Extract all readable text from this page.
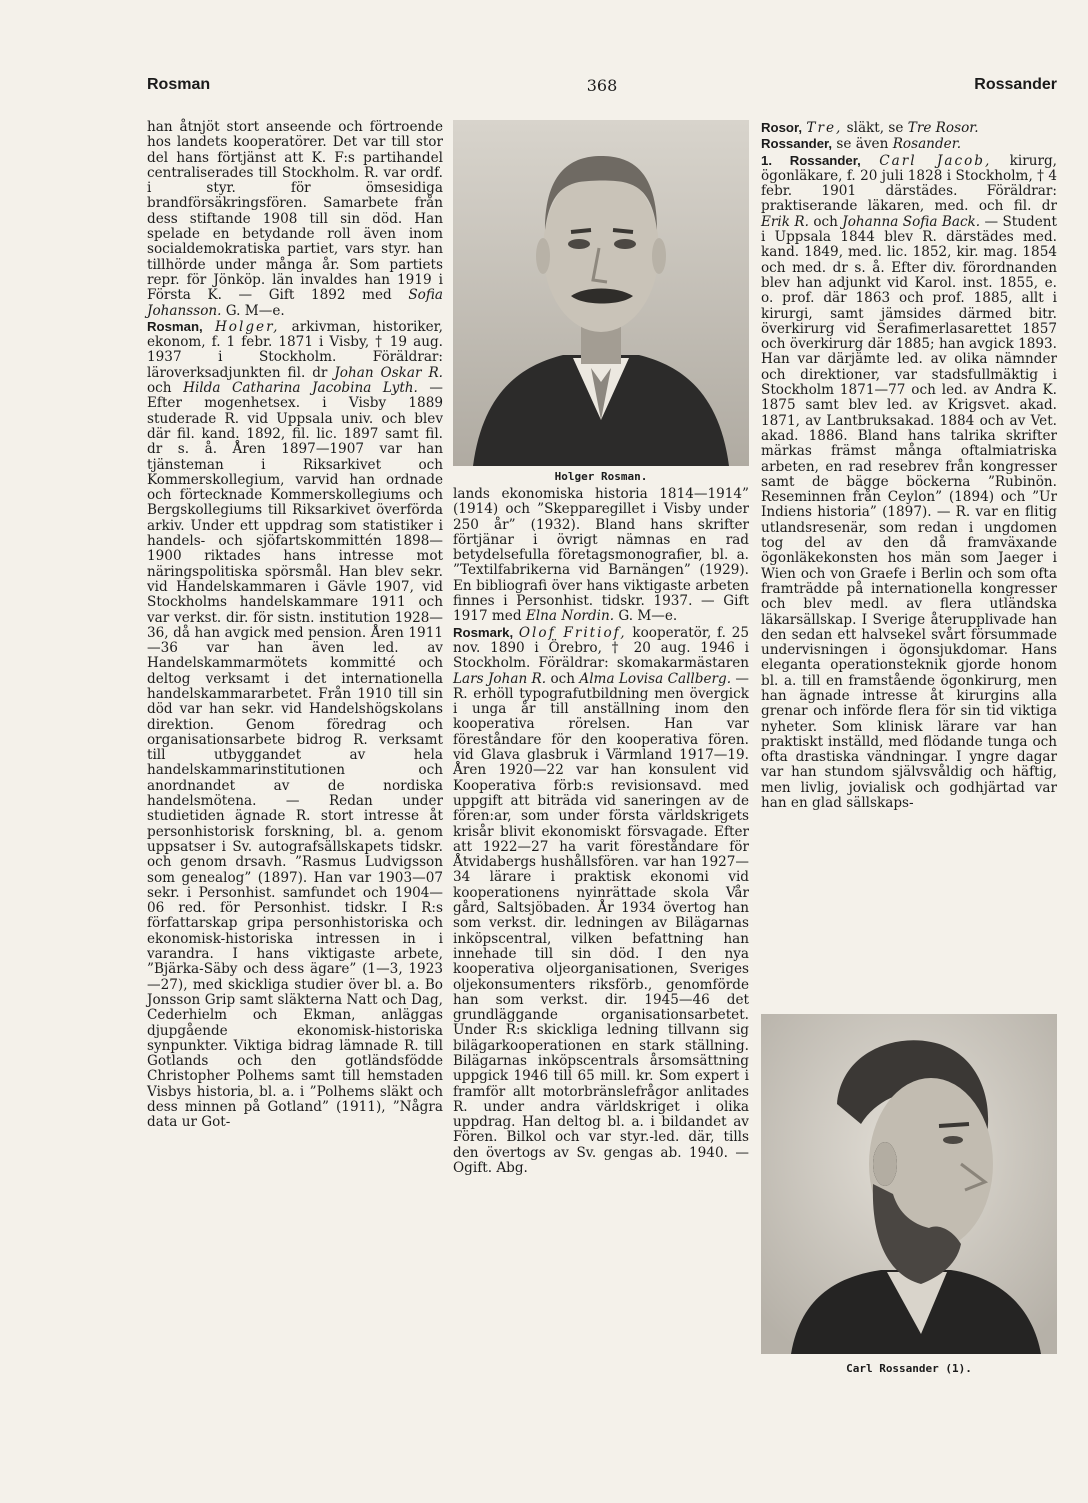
Rosman	368	Rossander

han åtnjöt stort anseende och förtroende hos landets kooperatörer. Det var till stor del hans förtjänst att K. F:s partihandel centraliserades till Stockholm. R. var ordf. i styr. för ömsesidiga brandförsäkringsfören. Samarbete från dess stiftande 1908 till sin död. Han spelade en betydande roll även inom socialdemokratiska partiet, vars styr. han tillhörde under många år. Som partiets repr. för Jönköp. län invaldes han 1919 i Första K. — Gift 1892 med Sofia Johansson. G. M—e.

Rosman, Holger, arkivman, historiker, ekonom, f. 1 febr. 1871 i Visby, † 19 aug. 1937 i Stockholm. Föräldrar: läroverksadjunkten fil. dr Johan Oskar R. och Hilda Catharina Jacobina Lyth. — Efter mogenhetsex. i Visby 1889 studerade R. vid Uppsala univ. och blev där fil. kand. 1892, fil. lic. 1897 samt fil. dr s. å. Åren 1897—1907 var han tjänsteman i Riksarkivet och Kommerskollegium, varvid han ordnade och förtecknade Kommerskollegiums och Bergskollegiums till Riksarkivet överförda arkiv. Under ett uppdrag som statistiker i handels- och sjöfartskommittén 1898—1900 riktades hans intresse mot näringspolitiska spörsmål. Han blev sekr. vid Handelskammaren i Gävle 1907, vid Stockholms handelskammare 1911 och var verkst. dir. för sistn. institution 1928—36, då han avgick med pension. Åren 1911—36 var han även led. av Handelskammarmötets kommitté och deltog verksamt i det internationella handelskammararbetet. Från 1910 till sin död var han sekr. vid Handelshögskolans direktion. Genom föredrag och organisationsarbete bidrog R. verksamt till utbyggandet av hela handelskammarinstitutionen och anordnandet av de nordiska handelsmötena. — Redan under studietiden ägnade R. stort intresse åt personhistorisk forskning, bl. a. genom uppsatser i Sv. autografsällskapets tidskr. och genom drsavh. ”Rasmus Ludvigsson som genealog” (1897). Han var 1903—07 sekr. i Personhist. samfundet och 1904—06 red. för Personhist. tidskr. I R:s författarskap gripa personhistoriska och ekonomisk-historiska intressen in i varandra. I hans viktigaste arbete, ”Bjärka-Säby och dess ägare” (1—3, 1923—27), med skickliga studier över bl. a. Bo Jonsson Grip samt släkterna Natt och Dag, Cederhielm och Ekman, anläggas djupgående ekonomisk-historiska synpunkter. Viktiga bidrag lämnade R. till Gotlands och den gotländsfödde Christopher Polhems samt till hemstaden Visbys historia, bl. a. i ”Polhems släkt och dess minnen på Gotland” (1911), ”Några data ur Got-

Holger Rosman.

lands ekonomiska historia 1814—1914” (1914) och ”Skepparegillet i Visby under 250 år” (1932). Bland hans skrifter förtjänar i övrigt nämnas en rad betydelsefulla företagsmonografier, bl. a. ”Textilfabrikerna vid Barnängen” (1929). En bibliografi över hans viktigaste arbeten finnes i Personhist. tidskr. 1937. — Gift 1917 med Elna Nordin. G. M—e.

Rosmark, Olof Fritiof, kooperatör, f. 25 nov. 1890 i Örebro, † 20 aug. 1946 i Stockholm. Föräldrar: skomakarmästaren Lars Johan R. och Alma Lovisa Callberg. — R. erhöll typografutbildning men övergick i unga år till anställning inom den kooperativa rörelsen. Han var föreståndare för den kooperativa fören. vid Glava glasbruk i Värmland 1917—19. Åren 1920—22 var han konsulent vid Kooperativa förb:s revisionsavd. med uppgift att biträda vid saneringen av de fören:ar, som under första världskrigets krisår blivit ekonomiskt försvagade. Efter att 1922—27 ha varit föreståndare för Åtvidabergs hushållsfören. var han 1927—34 lärare i praktisk ekonomi vid kooperationens nyinrättade skola Vår gård, Saltsjöbaden. År 1934 övertog han som verkst. dir. ledningen av Bilägarnas inköpscentral, vilken befattning han innehade till sin död. I den nya kooperativa oljeorganisationen, Sveriges oljekonsumenters riksförb., genomförde han som verkst. dir. 1945—46 det grundläggande organisationsarbetet. Under R:s skickliga ledning tillvann sig bilägarkooperationen en stark ställning. Bilägarnas inköpscentrals årsomsättning uppgick 1946 till 65 mill. kr. Som expert i framför allt motorbränslefrågor anlitades R. under andra världskriget i olika uppdrag. Han deltog bl. a. i bildandet av Fören. Bilkol och var styr.-led. där, tills den övertogs av Sv. gengas ab. 1940. — Ogift. Abg.

Rosor, Tre, släkt, se Tre Rosor.

Rossander, se även Rosander.

1. Rossander, Carl Jacob, kirurg, ögonläkare, f. 20 juli 1828 i Stockholm, † 4 febr. 1901 därstädes. Föräldrar: praktiserande läkaren, med. och fil. dr Erik R. och Johanna Sofia Back. — Student i Uppsala 1844 blev R. därstädes med. kand. 1849, med. lic. 1852, kir. mag. 1854 och med. dr s. å. Efter div. förordnanden blev han adjunkt vid Karol. inst. 1855, e. o. prof. där 1863 och prof. 1885, allt i kirurgi, samt jämsides därmed bitr. överkirurg vid Serafimerlasarettet 1857 och överkirurg där 1885; han avgick 1893. Han var därjämte led. av olika nämnder och direktioner, var stadsfullmäktig i Stockholm 1871—77 och led. av Andra K. 1875 samt blev led. av Krigsvet. akad. 1871, av Lantbruksakad. 1884 och av Vet. akad. 1886. Bland hans talrika skrifter märkas främst många oftalmiatriska arbeten, en rad resebrev från kongresser samt de bägge böckerna ”Rubinön. Reseminnen från Ceylon” (1894) och ”Ur Indiens historia” (1897). — R. var en flitig utlandsresenär, som redan i ungdomen tog del av den då framväxande ögonläkekonsten hos män som Jaeger i Wien och von Graefe i Berlin och som ofta framträdde på internationella kongresser och blev medl. av flera utländska läkarsällskap. I Sverige återupplivade han den sedan ett halvsekel svårt försummade undervisningen i ögonsjukdomar. Hans eleganta operationsteknik gjorde honom bl. a. till en framstående ögonkirurg, men han ägnade intresse åt kirurgins alla grenar och införde flera för sin tid viktiga nyheter. Som klinisk lärare var han praktiskt inställd, med flödande tunga och ofta drastiska vändningar. I yngre dagar var han stundom självsvåldig och häftig, men livlig, jovialisk och godhjärtad var han en glad sällskaps-

Carl Rossander (1).
